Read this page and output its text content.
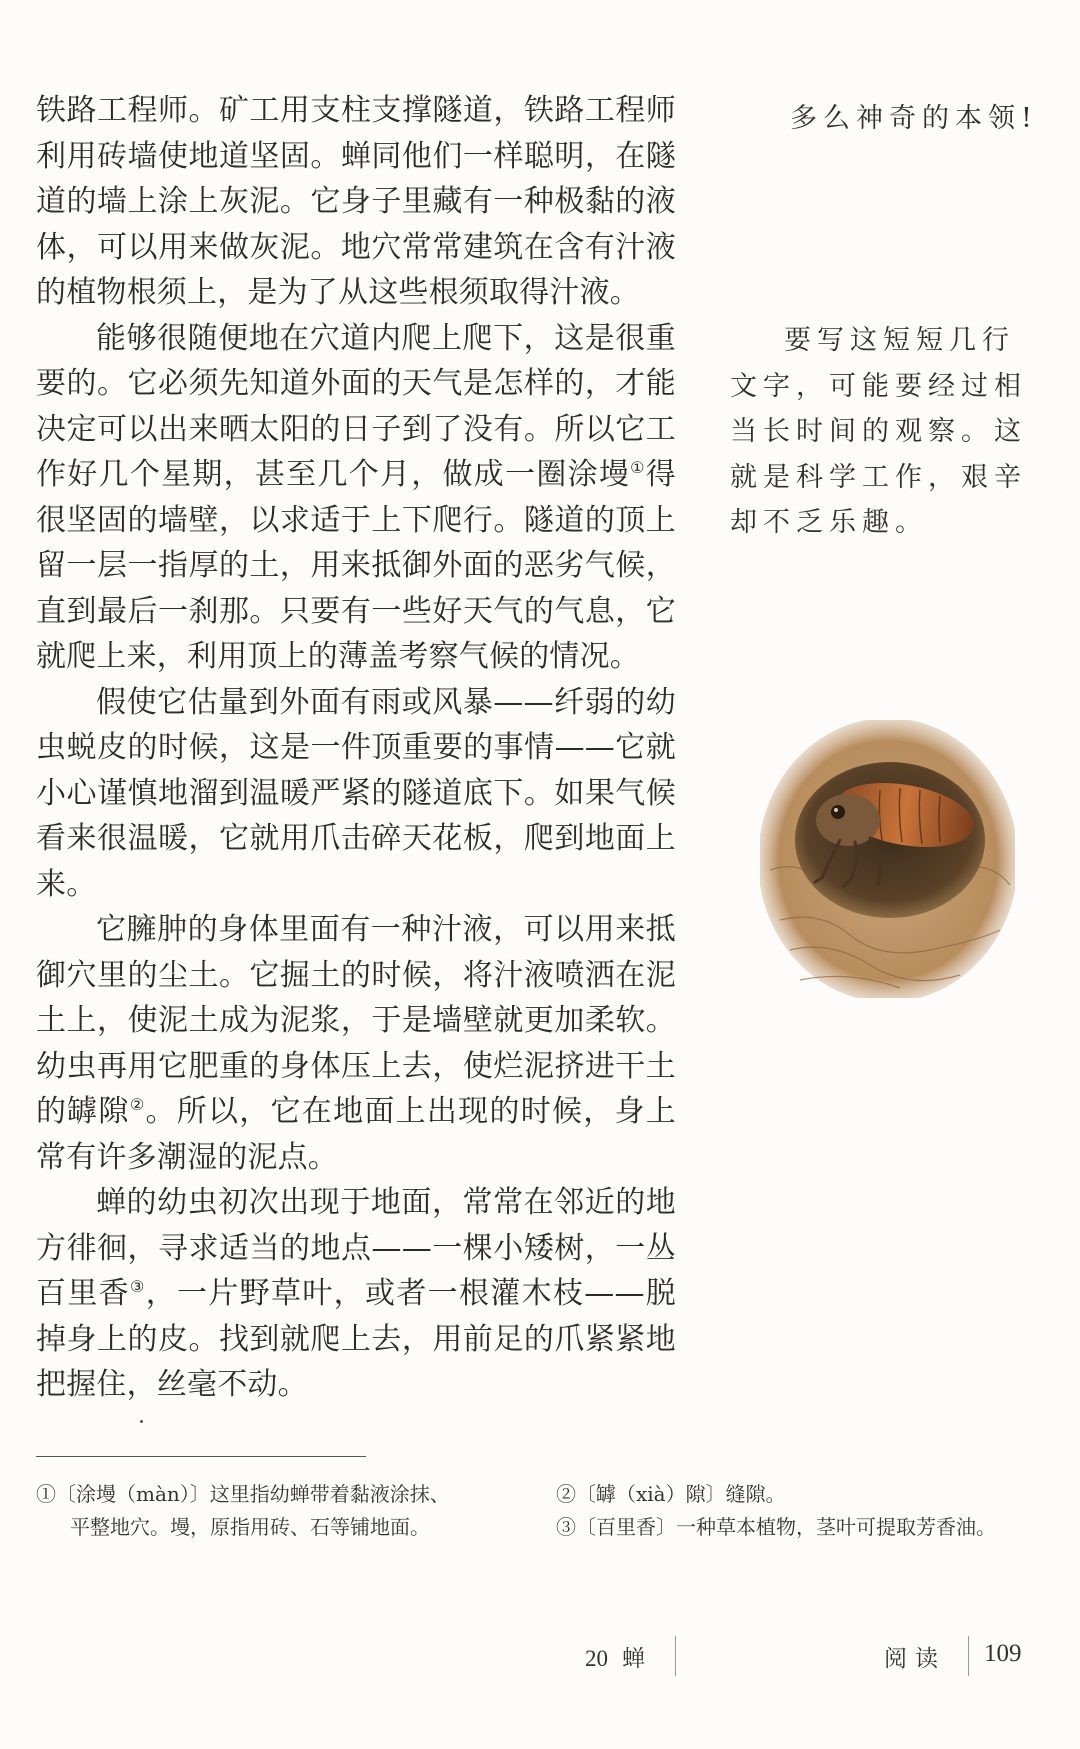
铁路工程师。矿工用支柱支撑隧道，铁路工程师利用砖墙使地道坚固。蝉同他们一样聪明，在隧道的墙上涂上灰泥。它身子里藏有一种极黏的液体，可以用来做灰泥。地穴常常建筑在含有汁液的植物根须上，是为了从这些根须取得汁液。

能够很随便地在穴道内爬上爬下，这是很重要的。它必须先知道外面的天气是怎样的，才能决定可以出来晒太阳的日子到了没有。所以它工作好几个星期，甚至几个月，做成一圈涂墁①得很坚固的墙壁，以求适于上下爬行。隧道的顶上留一层一指厚的土，用来抵御外面的恶劣气候，直到最后一刹那。只要有一些好天气的气息，它就爬上来，利用顶上的薄盖考察气候的情况。

假使它估量到外面有雨或风暴——纤弱的幼虫蜕皮的时候，这是一件顶重要的事情——它就小心谨慎地溜到温暖严紧的隧道底下。如果气候看来很温暖，它就用爪击碎天花板，爬到地面上来。

它臃肿的身体里面有一种汁液，可以用来抵御穴里的尘土。它掘土的时候，将汁液喷洒在泥土上，使泥土成为泥浆，于是墙壁就更加柔软。幼虫再用它肥重的身体压上去，使烂泥挤进干土的罅隙②。所以，它在地面上出现的时候，身上常有许多潮湿的泥点。

蝉的幼虫初次出现于地面，常常在邻近的地方徘徊，寻求适当的地点——一棵小矮树，一丛百里香③，一片野草叶，或者一根灌木枝——脱掉身上的皮。找到就爬上去，用前足的爪紧紧地把握住，丝毫不动。

多么神奇的本领!
要写这短短几行文字，可能要经过相当长时间的观察。这就是科学工作，艰辛却不乏乐趣。

①〔涂墁（màn）〕这里指幼蝉带着黏液涂抹、
平整地穴。墁，原指用砖、石等铺地面。

②〔罅（xià）隙〕缝隙。

③〔百里香〕一种草本植物，茎叶可提取芳香油。

20 蝉	阅读 109
